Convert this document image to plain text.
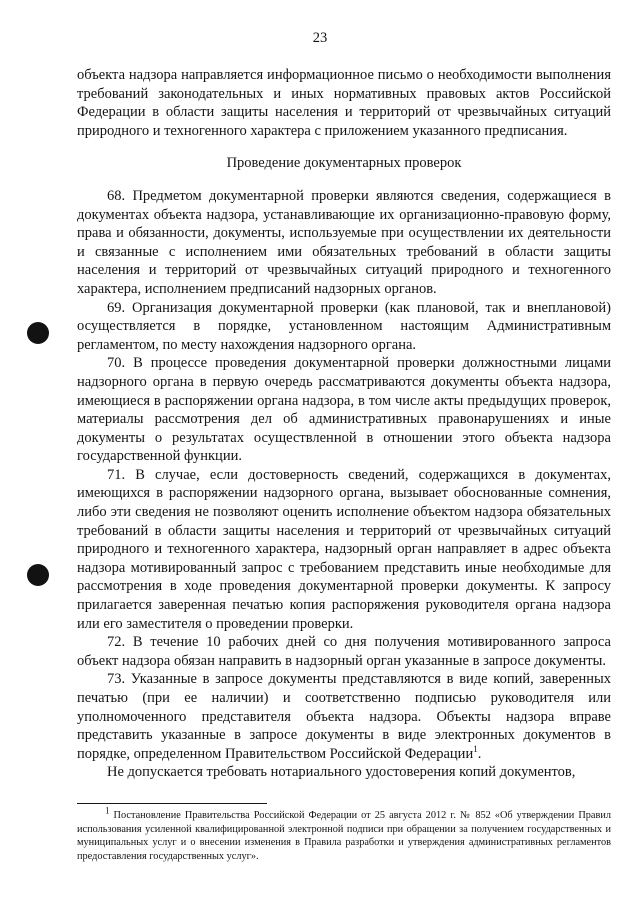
23

объекта надзора направляется информационное письмо о необходимости выполнения требований законодательных и иных нормативных правовых актов Российской Федерации в области защиты населения и территорий от чрезвычайных ситуаций природного и техногенного характера с приложением указанного предписания.

Проведение документарных проверок

68. Предметом документарной проверки являются сведения, содержащиеся в документах объекта надзора, устанавливающие их организационно-правовую форму, права и обязанности, документы, используемые при осуществлении их деятельности и связанные с исполнением ими обязательных требований в области защиты населения и территорий от чрезвычайных ситуаций природного и техногенного характера, исполнением предписаний надзорных органов.

69. Организация документарной проверки (как плановой, так и внеплановой) осуществляется в порядке, установленном настоящим Административным регламентом, по месту нахождения надзорного органа.

70. В процессе проведения документарной проверки должностными лицами надзорного органа в первую очередь рассматриваются документы объекта надзора, имеющиеся в распоряжении органа надзора, в том числе акты предыдущих проверок, материалы рассмотрения дел об административных правонарушениях и иные документы о результатах осуществленной в отношении этого объекта надзора государственной функции.

71. В случае, если достоверность сведений, содержащихся в документах, имеющихся в распоряжении надзорного органа, вызывает обоснованные сомнения, либо эти сведения не позволяют оценить исполнение объектом надзора обязательных требований в области защиты населения и территорий от чрезвычайных ситуаций природного и техногенного характера, надзорный орган направляет в адрес объекта надзора мотивированный запрос с требованием представить иные необходимые для рассмотрения в ходе проведения документарной проверки документы. К запросу прилагается заверенная печатью копия распоряжения руководителя органа надзора или его заместителя о проведении проверки.

72. В течение 10 рабочих дней со дня получения мотивированного запроса объект надзора обязан направить в надзорный орган указанные в запросе документы.

73. Указанные в запросе документы представляются в виде копий, заверенных печатью (при ее наличии) и соответственно подписью руководителя или уполномоченного представителя объекта надзора. Объекты надзора вправе представить указанные в запросе документы в виде электронных документов в порядке, определенном Правительством Российской Федерации$^1$.

Не допускается требовать нотариального удостоверения копий документов,

$^1$ Постановление Правительства Российской Федерации от 25 августа 2012 г. № 852 «Об утверждении Правил использования усиленной квалифицированной электронной подписи при обращении за получением государственных и муниципальных услуг и о внесении изменения в Правила разработки и утверждения административных регламентов предоставления государственных услуг».
